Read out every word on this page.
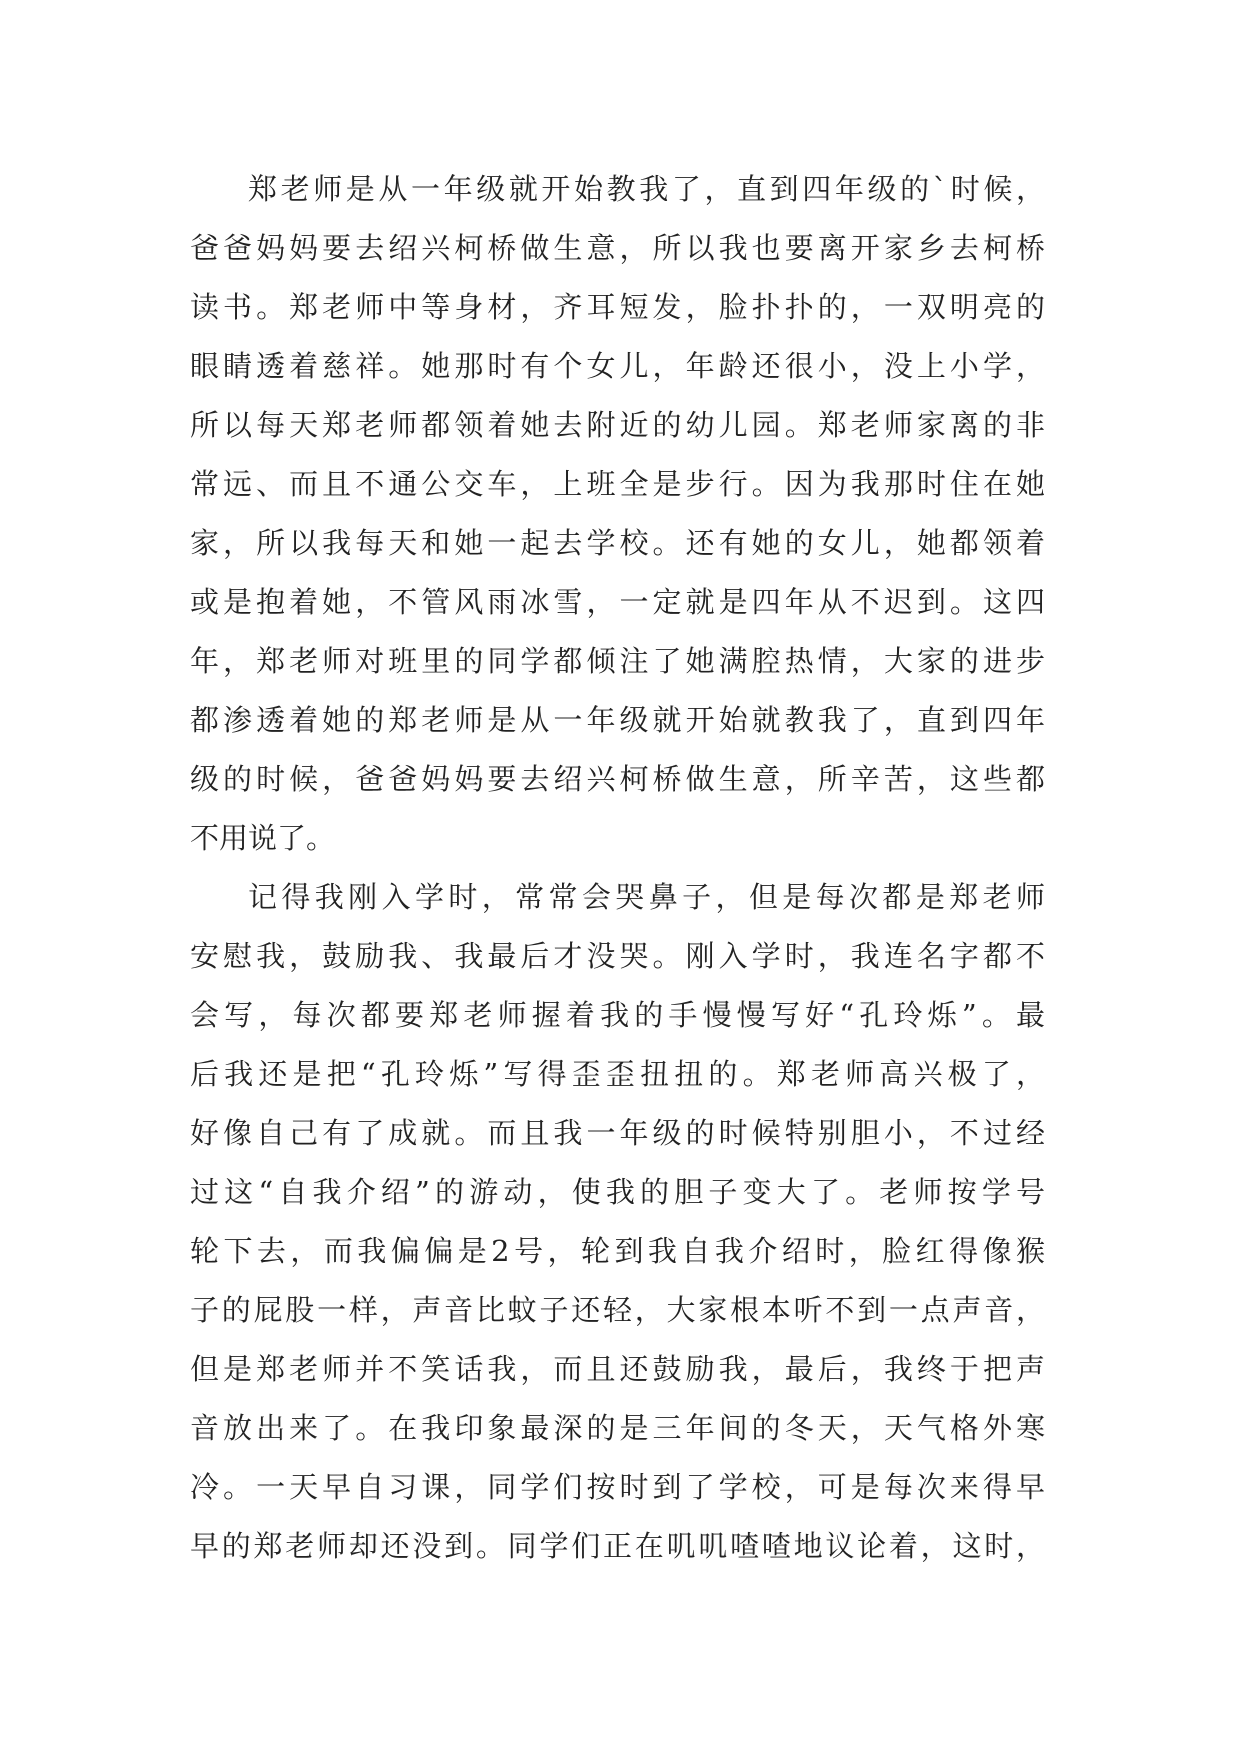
郑老师是从一年级就开始教我了，直到四年级的`时候，
爸爸妈妈要去绍兴柯桥做生意，所以我也要离开家乡去柯桥
读书。郑老师中等身材，齐耳短发，脸扑扑的，一双明亮的
眼睛透着慈祥。她那时有个女儿，年龄还很小，没上小学，
所以每天郑老师都领着她去附近的幼儿园。郑老师家离的非
常远、而且不通公交车，上班全是步行。因为我那时住在她
家，所以我每天和她一起去学校。还有她的女儿，她都领着
或是抱着她，不管风雨冰雪，一定就是四年从不迟到。这四
年，郑老师对班里的同学都倾注了她满腔热情，大家的进步
都渗透着她的郑老师是从一年级就开始就教我了，直到四年
级的时候，爸爸妈妈要去绍兴柯桥做生意，所辛苦，这些都
不用说了。
记得我刚入学时，常常会哭鼻子，但是每次都是郑老师
安慰我，鼓励我、我最后才没哭。刚入学时，我连名字都不
会写，每次都要郑老师握着我的手慢慢写好“孔玲烁”。最
后我还是把“孔玲烁”写得歪歪扭扭的。郑老师高兴极了，
好像自己有了成就。而且我一年级的时候特别胆小，不过经
过这“自我介绍”的游动，使我的胆子变大了。老师按学号
轮下去，而我偏偏是2号，轮到我自我介绍时，脸红得像猴
子的屁股一样，声音比蚊子还轻，大家根本听不到一点声音，
但是郑老师并不笑话我，而且还鼓励我，最后，我终于把声
音放出来了。在我印象最深的是三年间的冬天，天气格外寒
冷。一天早自习课，同学们按时到了学校，可是每次来得早
早的郑老师却还没到。同学们正在叽叽喳喳地议论着，这时，
